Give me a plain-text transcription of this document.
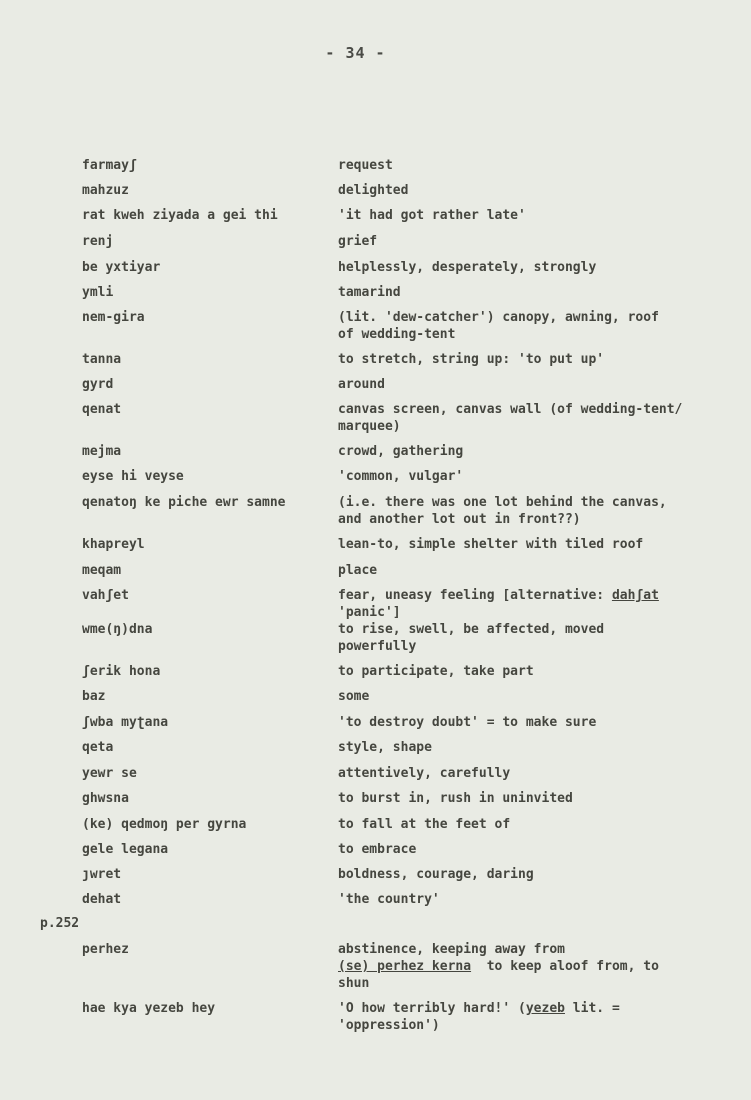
- 34 -
farmayʃ	request
mahzuz	delighted
rat kweh ziyada a gei thi	'it had got rather late'
renj	grief
be yxtiyar	helplessly, desperately, strongly
ymli	tamarind
nem-gira	(lit. 'dew-catcher') canopy, awning, roof
of wedding-tent
tanna	to stretch, string up: 'to put up'
gyrd	around
qenat	canvas screen, canvas wall (of wedding-tent/
marquee)
mejma	crowd, gathering
eyse hi veyse	'common, vulgar'
qenatoŋ ke piche ewr samne	(i.e. there was one lot behind the canvas,
and another lot out in front??)
khapreyl	lean-to, simple shelter with tiled roof
meqam	place
vahʃet	fear, uneasy feeling [alternative: dahʃat
'panic']
wme(ŋ)dna	to rise, swell, be affected, moved
powerfully
ʃerik hona	to participate, take part
baz	some
ʃwba myʈana	'to destroy doubt' = to make sure
qeta	style, shape
yewr se	attentively, carefully
ghwsna	to burst in, rush in uninvited
(ke) qedmoŋ per gyrna	to fall at the feet of
gele legana	to embrace
ȷwret	boldness, courage, daring
dehat	'the country'
perhez	abstinence, keeping away from
(se) perhez kerna  to keep aloof from, to
shun
hae kya yezeb hey	'O how terribly hard!' (yezeb lit. =
'oppression')
p.252
